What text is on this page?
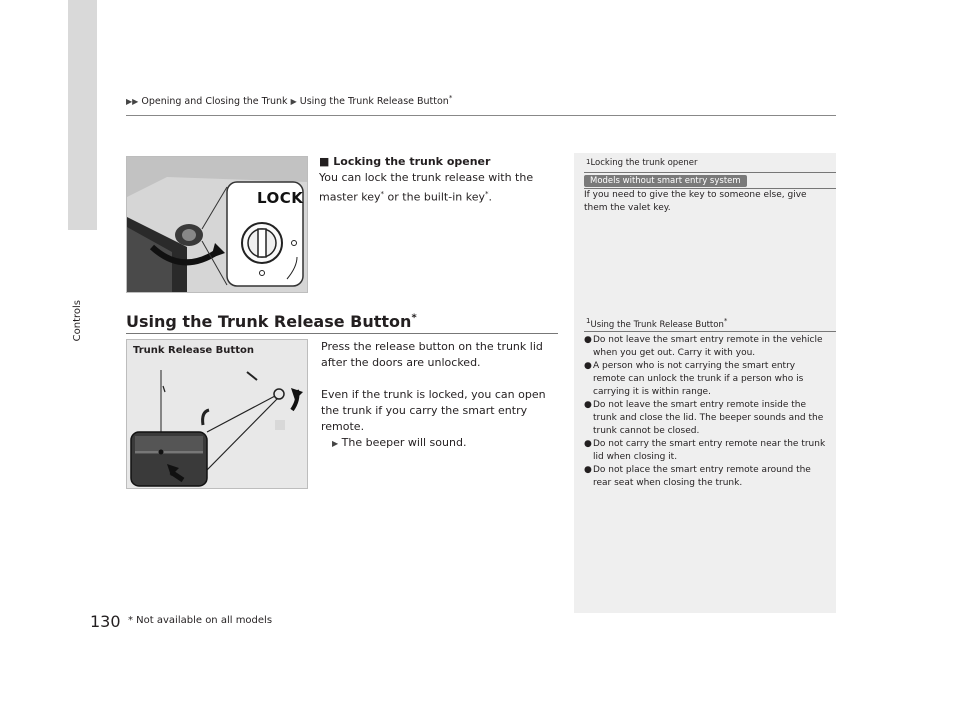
Controls
▶▶ Opening and Closing the Trunk ▶ Using the Trunk Release Button*
LOCK
■ Locking the trunk opener
You can lock the trunk release with the master key* or the built-in key*.
Using the Trunk Release Button*
Trunk Release Button	Press the release button on the trunk lid after the doors are unlocked.
Even if the trunk is locked, you can open the trunk if you carry the smart entry remote.
▶ The beeper will sound.
$^1$Locking the trunk opener
Models without smart entry system
If you need to give the key to someone else, give them the valet key.
$^1$Using the Trunk Release Button*
● Do not leave the smart entry remote in the vehicle when you get out. Carry it with you.
● A person who is not carrying the smart entry remote can unlock the trunk if a person who is carrying it is within range.
● Do not leave the smart entry remote inside the trunk and close the lid. The beeper sounds and the trunk cannot be closed.
● Do not carry the smart entry remote near the trunk lid when closing it.
● Do not place the smart entry remote around the rear seat when closing the trunk.
130 * Not available on all models
